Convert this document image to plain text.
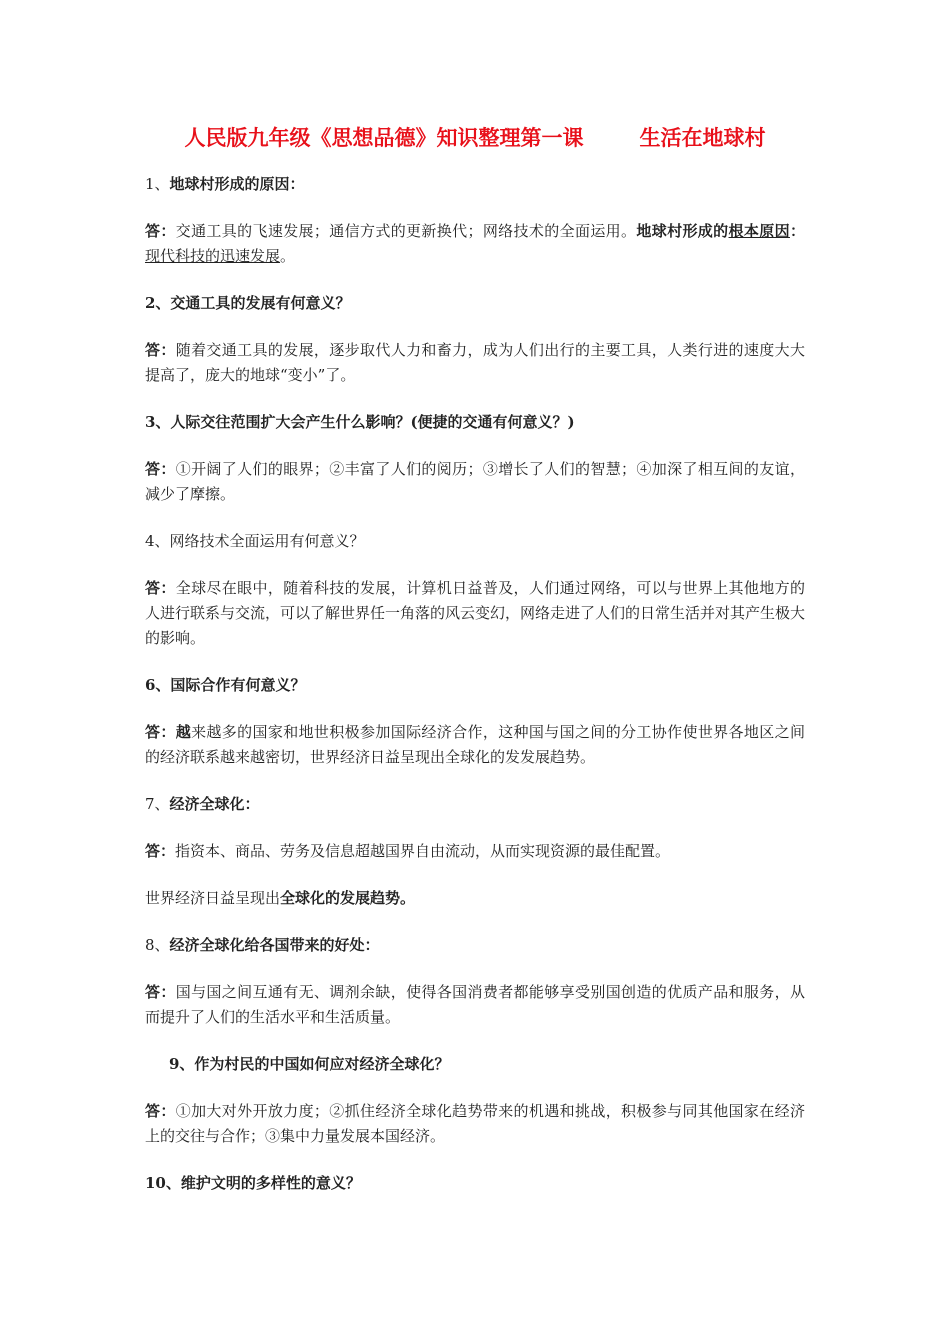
人民版九年级《思想品德》知识整理第一课	生活在地球村
1、地球村形成的原因：
答：交通工具的飞速发展；通信方式的更新换代；网络技术的全面运用。地球村形成的根本原因：现代科技的迅速发展。
2、交通工具的发展有何意义？
答：随着交通工具的发展，逐步取代人力和畜力，成为人们出行的主要工具，人类行进的速度大大提高了，庞大的地球“变小”了。
3、人际交往范围扩大会产生什么影响？(便捷的交通有何意义？)
答：①开阔了人们的眼界；②丰富了人们的阅历；③增长了人们的智慧；④加深了相互间的友谊，减少了摩擦。
4、网络技术全面运用有何意义？
答：全球尽在眼中，随着科技的发展，计算机日益普及，人们通过网络，可以与世界上其他地方的人进行联系与交流，可以了解世界任一角落的风云变幻，网络走进了人们的日常生活并对其产生极大的影响。
6、国际合作有何意义？
答：越来越多的国家和地世积极参加国际经济合作，这种国与国之间的分工协作使世界各地区之间的经济联系越来越密切，世界经济日益呈现出全球化的发发展趋势。
7、经济全球化：
答：指资本、商品、劳务及信息超越国界自由流动，从而实现资源的最佳配置。
世界经济日益呈现出全球化的发展趋势。
8、经济全球化给各国带来的好处：
答：国与国之间互通有无、调剂余缺，使得各国消费者都能够享受别国创造的优质产品和服务，从而提升了人们的生活水平和生活质量。
9、作为村民的中国如何应对经济全球化？
答：①加大对外开放力度；②抓住经济全球化趋势带来的机遇和挑战，积极参与同其他国家在经济上的交往与合作；③集中力量发展本国经济。
10、维护文明的多样性的意义？
